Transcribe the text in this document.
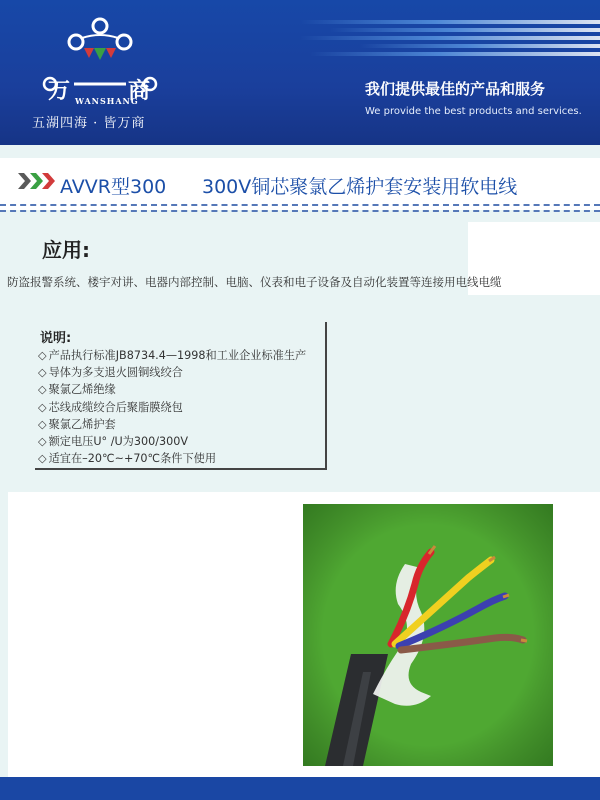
万	商
WANSHANG
五湖四海 · 皆万商
我们提供最佳的产品和服务
We provide the best products and services.
AVVR型300 300V铜芯聚氯乙烯护套安装用软电线
应用:
防盗报警系统、楼宇对讲、电器内部控制、电脑、仪表和电子设备及自动化装置等连接用电线电缆
说明:
◇ 产品执行标准JB8734.4—1998和工业企业标准生产
◇ 导体为多支退火圆铜线绞合
◇ 聚氯乙烯绝缘
◇ 芯线成缆绞合后聚脂膜绕包
◇ 聚氯乙烯护套
◇ 额定电压U° /U为300/300V
◇ 适宜在–20℃~+70℃条件下使用
